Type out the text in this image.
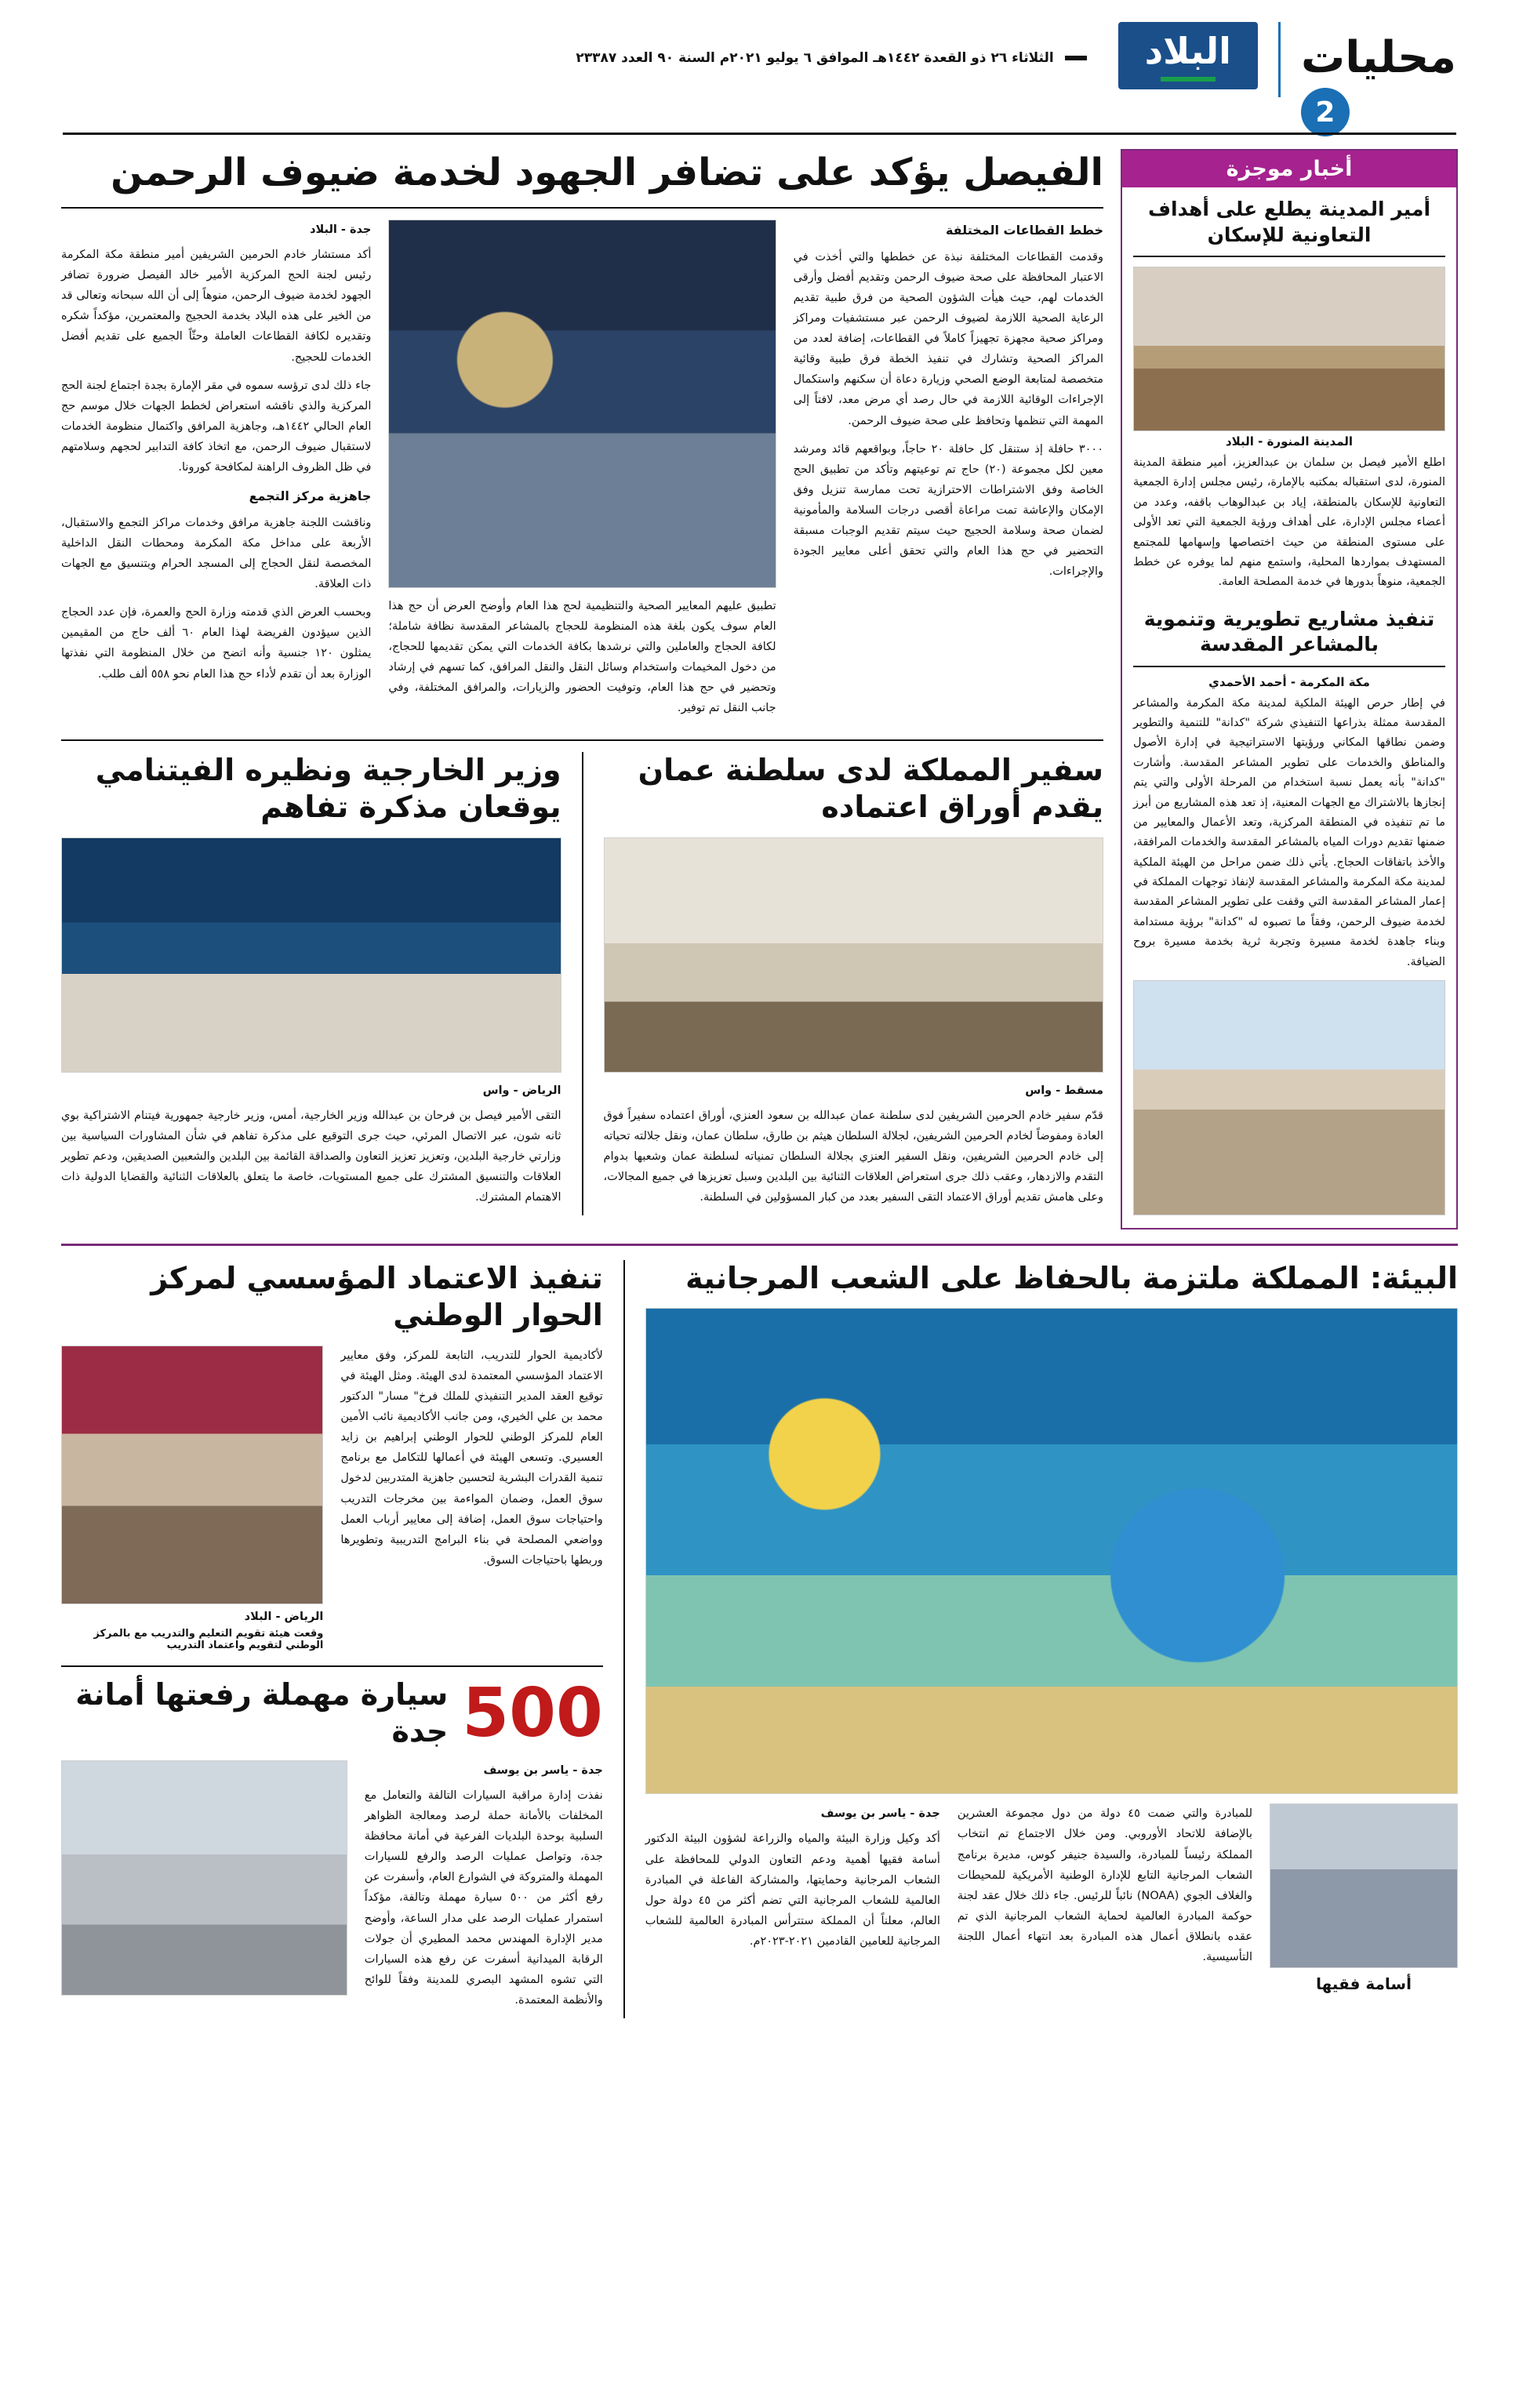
محليات
2
البلاد
الثلاثاء ٢٦ ذو القعدة ١٤٤٢هـ الموافق ٦ يوليو ٢٠٢١م السنة ٩٠ العدد ٢٣٣٨٧
أخبار موجزة
أمير المدينة يطلع على أهداف التعاونية للإسكان
المدينة المنورة - البلاد
اطلع الأمير فيصل بن سلمان بن عبدالعزيز، أمير منطقة المدينة المنورة، لدى استقباله بمكتبه بالإمارة، رئيس مجلس إدارة الجمعية التعاونية للإسكان بالمنطقة، إياد بن عبدالوهاب باقفه، وعدد من أعضاء مجلس الإدارة، على أهداف ورؤية الجمعية التي تعد الأولى على مستوى المنطقة من حيث اختصاصها وإسهامها للمجتمع المستهدف بمواردها المحلية، واستمع منهم لما يوفره عن خطط الجمعية، منوهاً بدورها في خدمة المصلحة العامة.
تنفيذ مشاريع تطويرية وتنموية بالمشاعر المقدسة
مكة المكرمة - أحمد الأحمدي
في إطار حرص الهيئة الملكية لمدينة مكة المكرمة والمشاعر المقدسة ممثلة بذراعها التنفيذي شركة "كدانة" للتنمية والتطوير وضمن نطاقها المكاني ورؤيتها الاستراتيجية في إدارة الأصول والمناطق والخدمات على تطوير المشاعر المقدسة. وأشارت "كدانة" بأنه يعمل نسبة استخدام من المرحلة الأولى والتي يتم إنجازها بالاشتراك مع الجهات المعنية، إذ تعد هذه المشاريع من أبرز ما تم تنفيذه في المنطقة المركزية، وتعد الأعمال والمعايير من ضمنها تقديم دورات المياه بالمشاعر المقدسة والخدمات المرافقة، والأخذ باتفاقات الحجاج. يأتي ذلك ضمن مراحل من الهيئة الملكية لمدينة مكة المكرمة والمشاعر المقدسة لإنفاذ توجهات المملكة في إعمار المشاعر المقدسة التي وقفت على تطوير المشاعر المقدسة لخدمة ضيوف الرحمن، وفقاً ما تصبوه له "كدانة" برؤية مستدامة وبناء جاهدة لخدمة مسيرة وتجربة ثرية بخدمة مسيرة بروح الضيافة.
الفيصل يؤكد على تضافر الجهود لخدمة ضيوف الرحمن
خطط القطاعات المختلفة

وقدمت القطاعات المختلفة نبذة عن خططها والتي أخذت في الاعتبار المحافظة على صحة ضيوف الرحمن وتقديم أفضل وأرقى الخدمات لهم، حيث هيأت الشؤون الصحية من فرق طبية تقديم الرعاية الصحية اللازمة لضيوف الرحمن عبر مستشفيات ومراكز ومراكز صحية مجهزة تجهيزاً كاملاً في القطاعات، إضافة لعدد من المراكز الصحية وتشارك في تنفيذ الخطة فرق طبية وقائية متخصصة لمتابعة الوضع الصحي وزيارة دعاة أن سكنهم واستكمال الإجراءات الوقائية اللازمة في حال رصد أي مرض معد، لافتاً إلى المهمة التي تنظمها وتحافظ على صحة ضيوف الرحمن.

٣٠٠٠ حافلة إذ ستنقل كل حافلة ٢٠ حاجاً، وبواقعهم قائد ومرشد معين لكل مجموعة (٢٠) حاج تم توعيتهم وتأكد من تطبيق الحج الخاصة وفق الاشتراطات الاحترازية تحت ممارسة تنزيل وفق الإمكان والإعاشة تمت مراعاة أقصى درجات السلامة والمأمونية لضمان صحة وسلامة الحجيج حيث سيتم تقديم الوجبات مسبقة التحضير في حج هذا العام والتي تحقق أعلى معايير الجودة والإجراءات.

تطبيق عليهم المعايير الصحية والتنظيمية لحج هذا العام وأوضح العرض أن حج هذا العام سوف يكون بلغة هذه المنظومة للحجاج بالمشاعر المقدسة نظافة شاملة؛ لكافة الحجاج والعاملين والتي نرشدها بكافة الخدمات التي يمكن تقديمها للحجاج، من دخول المخيمات واستخدام وسائل النقل والنقل المرافق، كما تسهم في إرشاد وتحضير في حج هذا العام، وتوفيت الحضور والزيارات، والمرافق المختلفة، وفي جانب النقل تم توفير.

جدة - البلاد

أكد مستشار خادم الحرمين الشريفين أمير منطقة مكة المكرمة رئيس لجنة الحج المركزية الأمير خالد الفيصل ضرورة تضافر الجهود لخدمة ضيوف الرحمن، منوهاً إلى أن الله سبحانه وتعالى قد من الخير على هذه البلاد بخدمة الحجيج والمعتمرين، مؤكداً شكره وتقديره لكافة القطاعات العاملة وحثّاً الجميع على تقديم أفضل الخدمات للحجيج.

جاء ذلك لدى ترؤسه سموه في مقر الإمارة بجدة اجتماع لجنة الحج المركزية والذي ناقشه استعراض لخطط الجهات خلال موسم حج العام الحالي ١٤٤٢هـ، وجاهزية المرافق واكتمال منظومة الخدمات لاستقبال ضيوف الرحمن، مع اتخاذ كافة التدابير لحجهم وسلامتهم في ظل الظروف الراهنة لمكافحة كورونا.

جاهزية مركز التجمع

وناقشت اللجنة جاهزية مرافق وخدمات مراكز التجمع والاستقبال، الأربعة على مداخل مكة المكرمة ومحطات النقل الداخلية المخصصة لنقل الحجاج إلى المسجد الحرام وبتنسيق مع الجهات ذات العلاقة.

وبحسب العرض الذي قدمته وزارة الحج والعمرة، فإن عدد الحجاج الذين سيؤدون الفريضة لهذا العام ٦٠ ألف حاج من المقيمين يمثلون ١٢٠ جنسية وأنه اتضح من خلال المنظومة التي نفذتها الوزارة بعد أن تقدم لأداء حج هذا العام نحو ٥٥٨ ألف طلب.

سفير المملكة لدى سلطنة عمان يقدم أوراق اعتماده
مسقط - واس

قدّم سفير خادم الحرمين الشريفين لدى سلطنة عمان عبدالله بن سعود العنزي، أوراق اعتماده سفيراً فوق العادة ومفوضاً لخادم الحرمين الشريفين، لجلالة السلطان هيثم بن طارق، سلطان عمان، ونقل جلالته تحياته إلى خادم الحرمين الشريفين، ونقل السفير العنزي بجلالة السلطان تمنياته لسلطنة عمان وشعبها بدوام التقدم والازدهار، وعقب ذلك جرى استعراض العلاقات الثنائية بين البلدين وسبل تعزيزها في جميع المجالات، وعلى هامش تقديم أوراق الاعتماد التقى السفير بعدد من كبار المسؤولين في السلطنة.

وزير الخارجية ونظيره الفيتنامي يوقعان مذكرة تفاهم
الرياض - واس

التقى الأمير فيصل بن فرحان بن عبدالله وزير الخارجية، أمس، وزير خارجية جمهورية فيتنام الاشتراكية بوي ثانه شون، عبر الاتصال المرئي، حيث جرى التوقيع على مذكرة تفاهم في شأن المشاورات السياسية بين وزارتي خارجية البلدين، وتعزيز تعزيز التعاون والصداقة القائمة بين البلدين والشعبين الصديقين، ودعم تطوير العلاقات والتنسيق المشترك على جميع المستويات، خاصة ما يتعلق بالعلاقات الثنائية والقضايا الدولية ذات الاهتمام المشترك.

البيئة: المملكة ملتزمة بالحفاظ على الشعب المرجانية
أسامة فقيها

للمبادرة والتي ضمت ٤٥ دولة من دول مجموعة العشرين بالإضافة للاتحاد الأوروبي. ومن خلال الاجتماع تم انتخاب المملكة رئيساً للمبادرة، والسيدة جنيفر كوس، مديرة برنامج الشعاب المرجانية التابع للإدارة الوطنية الأمريكية للمحيطات والغلاف الجوي (NOAA) نائباً للرئيس. جاء ذلك خلال عقد لجنة حوكمة المبادرة العالمية لحماية الشعاب المرجانية الذي تم عقده بانطلاق أعمال هذه المبادرة بعد انتهاء أعمال اللجنة التأسيسية.

جدة - ياسر بن يوسف

أكد وكيل وزارة البيئة والمياه والزراعة لشؤون البيئة الدكتور أسامة فقيها أهمية ودعم التعاون الدولي للمحافظة على الشعاب المرجانية وحمايتها، والمشاركة الفاعلة في المبادرة العالمية للشعاب المرجانية التي تضم أكثر من ٤٥ دولة حول العالم، معلناً أن المملكة ستترأس المبادرة العالمية للشعاب المرجانية للعامين القادمين ٢٠٢١-٢٠٢٣م.

تنفيذ الاعتماد المؤسسي لمركز الحوار الوطني

لأكاديمية الحوار للتدريب، التابعة للمركز، وفق معايير الاعتماد المؤسسي المعتمدة لدى الهيئة. ومثل الهيئة في توقيع العقد المدير التنفيذي للملك فرخ" مسار" الدكتور محمد بن علي الخيري، ومن جانب الأكاديمية نائب الأمين العام للمركز الوطني للحوار الوطني إبراهيم بن زايد العسيري. وتسعى الهيئة في أعمالها للتكامل مع برنامج تنمية القدرات البشرية لتحسين جاهزية المتدربين لدخول سوق العمل، وضمان المواءمة بين مخرجات التدريب واحتياجات سوق العمل، إضافة إلى معايير أرباب العمل وواضعي المصلحة في بناء البرامج التدريبية وتطويرها وربطها باحتياجات السوق.

الرياض - البلاد
وقعت هيئة تقويم التعليم والتدريب مع بالمركز الوطني لتقويم واعتماد التدريب
500
سيارة مهملة رفعتها أمانة جدة
جدة - ياسر بن يوسف

نفذت إدارة مراقبة السيارات التالفة والتعامل مع المخلفات بالأمانة حملة لرصد ومعالجة الظواهر السلبية بوحدة البلديات الفرعية في أمانة محافظة جدة، وتواصل عمليات الرصد والرفع للسيارات المهملة والمتروكة في الشوارع العام، وأسفرت عن رفع أكثر من ٥٠٠ سيارة مهملة وتالفة، مؤكداً استمرار عمليات الرصد على مدار الساعة، وأوضح مدير الإدارة المهندس محمد المطيري أن جولات الرقابة الميدانية أسفرت عن رفع هذه السيارات التي تشوه المشهد البصري للمدينة وفقاً للوائح والأنظمة المعتمدة.
